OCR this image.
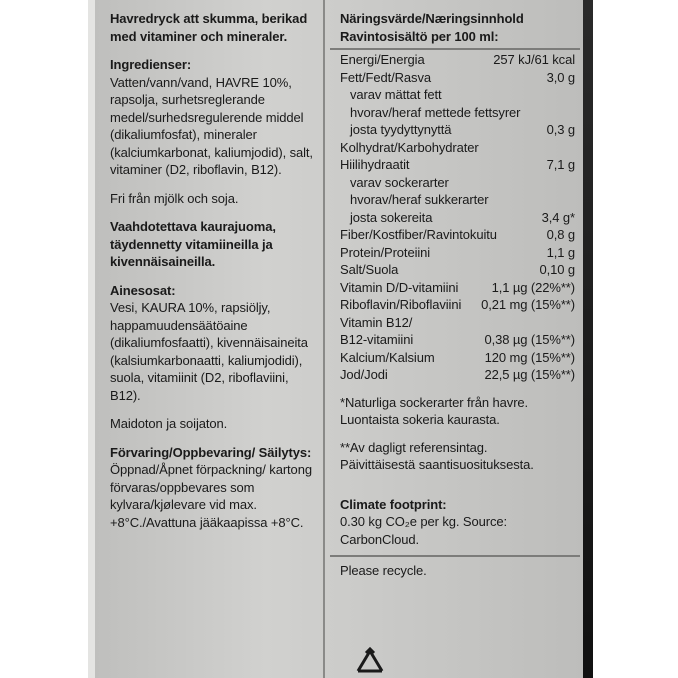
Havredryck att skumma, berikad med vitaminer och mineraler.
Ingredienser:
Vatten/vann/vand, HAVRE 10%, rapsolja, surhetsreglerande medel/surhedsregulerende middel (dikaliumfosfat), mineraler (kalciumkarbonat, kaliumjodid), salt, vitaminer (D2, riboflavin, B12).
Fri från mjölk och soja.
Vaahdotettava kaurajuoma, täydennetty vitamiineilla ja kivennäisaineilla.
Ainesosat:
Vesi, KAURA 10%, rapsiöljy, happamuudensäätöaine (dikaliumfosfaatti), kivennäisaineita (kalsiumkarbonaatti, kaliumjodidi), suola, vitamiinit (D2, riboflaviini, B12).
Maidoton ja soijaton.
Förvaring/Oppbevaring/ Säilytys:
Öppnad/Åpnet förpackning/ kartong förvaras/oppbevares som kylvara/kjølevare vid max. +8°C./Avattuna jääkaapissa +8°C.
Näringsvärde/Næringsinnhold
Ravintosisältö per 100 ml:
Energi/Energia	257 kJ/61 kcal
Fett/Fedt/Rasva	3,0 g
varav mättat fett
hvorav/heraf mettede fettsyrer
josta tyydyttynyttä	0,3 g
Kolhydrat/Karbohydrater
Hiilihydraatit	7,1 g
varav sockerarter
hvorav/heraf sukkerarter
josta sokereita	3,4 g*
Fiber/Kostfiber/Ravintokuitu	0,8 g
Protein/Proteiini	1,1 g
Salt/Suola	0,10 g
Vitamin D/D-vitamiini	1,1 µg (22%**)
Riboflavin/Riboflaviini 0,21 mg (15%**)
Vitamin B12/
B12-vitamiini	0,38 µg (15%**)
Kalcium/Kalsium	120 mg (15%**)
Jod/Jodi	22,5 µg (15%**)
*Naturliga sockerarter från havre.
Luontaista sokeria kaurasta.
**Av dagligt referensintag.
Päivittäisestä saantisuosituksesta.
Climate footprint:
0.30 kg CO₂e per kg. Source: CarbonCloud.
Please recycle.
